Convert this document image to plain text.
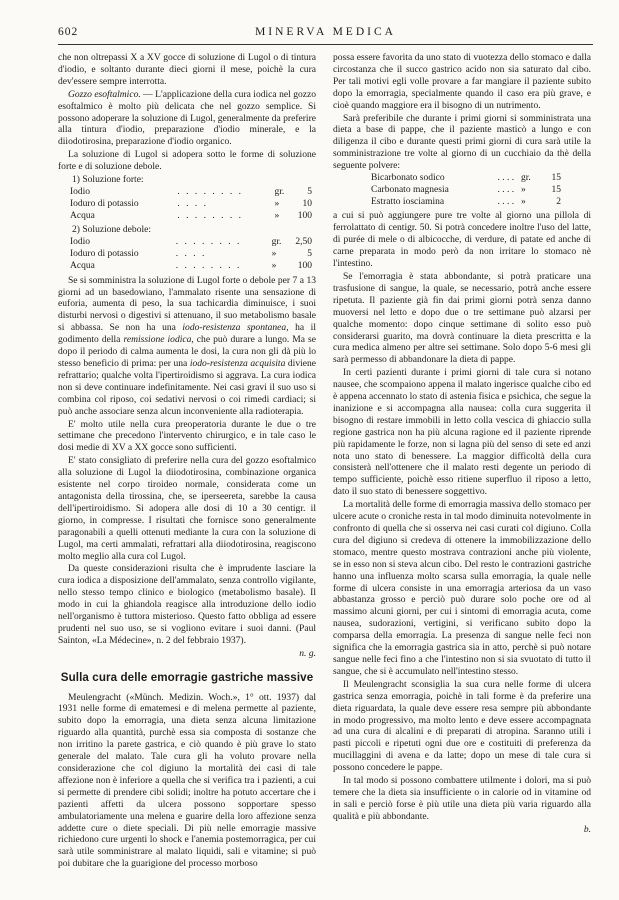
602	MINERVA MEDICA

che non oltrepassi X a XV gocce di soluzione di Lugol o di tintura d'iodio, e soltanto durante dieci giorni il mese, poichè la cura dev'essere sempre interrotta.

Gozzo esoftalmico. — L'applicazione della cura iodica nel gozzo esoftalmico è molto più delicata che nel gozzo semplice. Si possono adoperare la soluzione di Lugol, generalmente da preferire alla tintura d'iodio, preparazione d'iodio minerale, e la diiodotirosina, preparazione d'iodio organico.

La soluzione di Lugol si adopera sotto le forme di soluzione forte e di soluzione debole.

1) Soluzione forte:

Iodio	. . . . . . . .	gr.	5
Ioduro di potassio	. . . .	»	10
Acqua	. . . . . . . .	»	100

2) Soluzione debole:

Iodio	. . . . . . . .	gr.	2,50
Ioduro di potassio	. . . .	»	5
Acqua	. . . . . . . .	»	100

Se si somministra la soluzione di Lugol forte o debole per 7 a 13 giorni ad un basedowiano, l'ammalato risente una sensazione di euforia, aumenta di peso, la sua tachicardia diminuisce, i suoi disturbi nervosi o digestivi si attenuano, il suo metabolismo basale si abbassa. Se non ha una iodo-resistenza spontanea, ha il godimento della remissione iodica, che può durare a lungo. Ma se dopo il periodo di calma aumenta le dosi, la cura non gli dà più lo stesso beneficio di prima: per una iodo-resistenza acquisita diviene refrattario; qualche volta l'ipertiroidismo si aggrava. La cura iodica non si deve continuare indefinitamente. Nei casi gravi il suo uso si combina col riposo, coi sedativi nervosi o coi rimedi cardiaci; si può anche associare senza alcun inconveniente alla radioterapia.

E' molto utile nella cura preoperatoria durante le due o tre settimane che precedono l'intervento chirurgico, e in tale caso le dosi medie di XV a XX gocce sono sufficienti.

E' stato consigliato di preferire nella cura del gozzo esoftalmico alla soluzione di Lugol la diiodotirosina, combinazione organica esistente nel corpo tiroideo normale, considerata come un antagonista della tirossina, che, se iperseereta, sarebbe la causa dell'ipertiroidismo. Si adopera alle dosi di 10 a 30 centigr. il giorno, in compresse. I risultati che fornisce sono generalmente paragonabili a quelli ottenuti mediante la cura con la soluzione di Lugol, ma certi ammalati, refrattari alla diiodotirosina, reagiscono molto meglio alla cura col Lugol.

Da queste considerazioni risulta che è imprudente lasciare la cura iodica a disposizione dell'ammalato, senza controllo vigilante, nello stesso tempo clinico e biologico (metabolismo basale). Il modo in cui la ghiandola reagisce alla introduzione dello iodio nell'organismo è tuttora misterioso. Questo fatto obbliga ad essere prudenti nel suo uso, se si vogliono evitare i suoi danni. (Paul Sainton, «La Médecine», n. 2 del febbraio 1937).

n. g.
Sulla cura delle emorragie gastriche massive

Meulengracht («Münch. Medizin. Woch.», 1° ott. 1937) dal 1931 nelle forme di ematemesi e di melena permette al paziente, subito dopo la emorragia, una dieta senza alcuna limitazione riguardo alla quantità, purchè essa sia composta di sostanze che non irritino la parete gastrica, e ciò quando è più grave lo stato generale del malato. Tale cura gli ha voluto provare nella considerazione che col digiuno la mortalità dei casi di tale affezione non è inferiore a quella che si verifica tra i pazienti, a cui si permette di prendere cibi solidi; inoltre ha potuto accertare che i pazienti affetti da ulcera possono sopportare spesso ambulatoriamente una melena e guarire della loro affezione senza addette cure o diete speciali. Di più nelle emorragie massive richiedono cure urgenti lo shock e l'anemia postemorragica, per cui sarà utile somministrare al malato liquidi, sali e vitamine; si può poi dubitare che la guarigione del processo morboso

possa essere favorita da uno stato di vuotezza dello stomaco e dalla circostanza che il succo gastrico acido non sia saturato dal cibo. Per tali motivi egli volle provare a far mangiare il paziente subito dopo la emorragia, specialmente quando il caso era più grave, e cioè quando maggiore era il bisogno di un nutrimento.

Sarà preferibile che durante i primi giorni si somministrata una dieta a base di pappe, che il paziente masticò a lungo e con diligenza il cibo e durante questi primi giorni di cura sarà utile la somministrazione tre volte al giorno di un cucchiaio da thè della seguente polvere:

Bicarbonato sodico	. . . .	gr.	15
Carbonato magnesia	. . . .	»	15
Estratto iosciamina	. . . .	»	2

a cui si può aggiungere pure tre volte al giorno una pillola di ferrolattato di centigr. 50. Si potrà concedere inoltre l'uso del latte, di purée di mele o di albicocche, di verdure, di patate ed anche di carne preparata in modo però da non irritare lo stomaco nè l'intestino.

Se l'emorragia è stata abbondante, si potrà praticare una trasfusione di sangue, la quale, se necessario, potrà anche essere ripetuta. Il paziente già fin dai primi giorni potrà senza danno muoversi nel letto e dopo due o tre settimane può alzarsi per qualche momento: dopo cinque settimane di solito esso può considerarsi guarito, ma dovrà continuare la dieta prescritta e la cura medica almeno per altre sei settimane. Solo dopo 5-6 mesi gli sarà permesso di abbandonare la dieta di pappe.

In certi pazienti durante i primi giorni di tale cura si notano nausee, che scompaiono appena il malato ingerisce qualche cibo ed è appena accennato lo stato di astenia fisica e psichica, che segue la inanizione e si accompagna alla nausea: colla cura suggerita il bisogno di restare immobili in letto colla vescica di ghiaccio sulla regione gastrica non ha più alcuna ragione ed il paziente riprende più rapidamente le forze, non si lagna più del senso di sete ed anzi nota uno stato di benessere. La maggior difficoltà della cura consisterà nell'ottenere che il malato resti degente un periodo di tempo sufficiente, poichè esso ritiene superfluo il riposo a letto, dato il suo stato di benessere soggettivo.

La mortalità delle forme di emorragia massiva dello stomaco per ulcere acute o croniche resta in tal modo diminuita notevolmente in confronto di quella che si osserva nei casi curati col digiuno. Colla cura del digiuno si credeva di ottenere la immobilizzazione dello stomaco, mentre questo mostrava contrazioni anche più violente, se in esso non si steva alcun cibo. Del resto le contrazioni gastriche hanno una influenza molto scarsa sulla emorragia, la quale nelle forme di ulcera consiste in una emorragia arteriosa da un vaso abbastanza grosso e perciò può durare solo poche ore od al massimo alcuni giorni, per cui i sintomi di emorragia acuta, come nausea, sudorazioni, vertigini, si verificano subito dopo la comparsa della emorragia. La presenza di sangue nelle feci non significa che la emorragia gastrica sia in atto, perchè si può notare sangue nelle feci fino a che l'intestino non si sia svuotato di tutto il sangue, che si è accumulato nell'intestino stesso.

Il Meulengracht sconsiglia la sua cura nelle forme di ulcera gastrica senza emorragia, poichè in tali forme è da preferire una dieta riguardata, la quale deve essere resa sempre più abbondante in modo progressivo, ma molto lento e deve essere accompagnata ad una cura di alcalini e di preparati di atropina. Saranno utili i pasti piccoli e ripetuti ogni due ore e costituiti di preferenza da mucillaggini di avena e da latte; dopo un mese di tale cura si possono concedere le pappe.

In tal modo si possono combattere utilmente i dolori, ma si può temere che la dieta sia insufficiente o in calorie od in vitamine od in sali e perciò forse è più utile una dieta più varia riguardo alla qualità e più abbondante.

b.
